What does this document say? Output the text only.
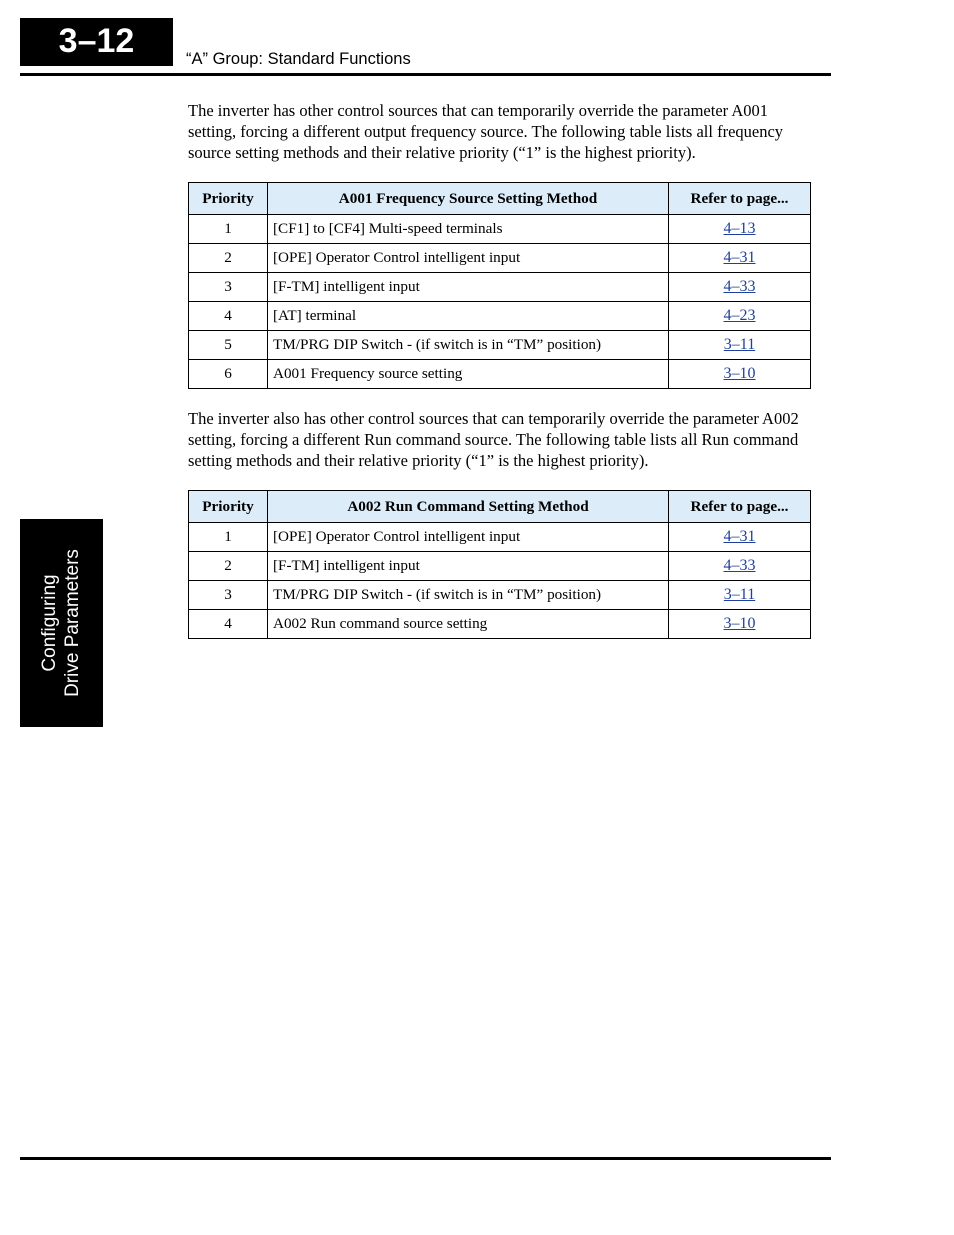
3–12	“A” Group: Standard Functions
Configuring Drive Parameters

The inverter has other control sources that can temporarily override the parameter A001 setting, forcing a different output frequency source. The following table lists all frequency source setting methods and their relative priority (“1” is the highest priority).

Priority	A001 Frequency Source Setting Method	Refer to page...
1	[CF1] to [CF4] Multi-speed terminals	4–13
2	[OPE] Operator Control intelligent input	4–31
3	[F-TM] intelligent input	4–33
4	[AT] terminal	4–23
5	TM/PRG DIP Switch - (if switch is in “TM” position)	3–11
6	A001 Frequency source setting	3–10

The inverter also has other control sources that can temporarily override the parameter A002 setting, forcing a different Run command source. The following table lists all Run command setting methods and their relative priority (“1” is the highest priority).

Priority	A002 Run Command Setting Method	Refer to page...
1	[OPE] Operator Control intelligent input	4–31
2	[F-TM] intelligent input	4–33
3	TM/PRG DIP Switch - (if switch is in “TM” position)	3–11
4	A002 Run command source setting	3–10
